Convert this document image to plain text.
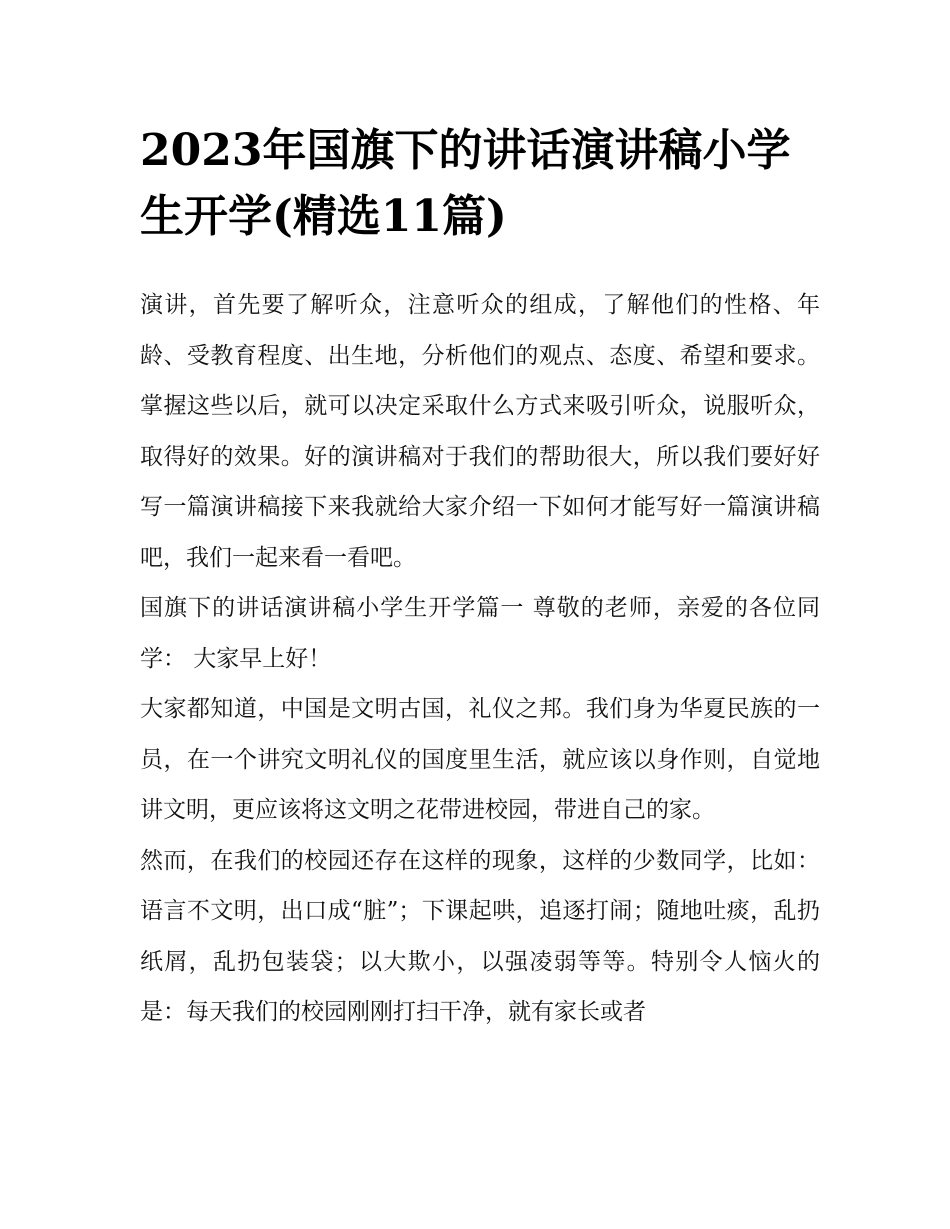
2023年国旗下的讲话演讲稿小学生开学(精选11篇)

演讲，首先要了解听众，注意听众的组成，了解他们的性格、年龄、受教育程度、出生地，分析他们的观点、态度、希望和要求。掌握这些以后，就可以决定采取什么方式来吸引听众，说服听众，取得好的效果。好的演讲稿对于我们的帮助很大，所以我们要好好写一篇演讲稿接下来我就给大家介绍一下如何才能写好一篇演讲稿吧，我们一起来看一看吧。

国旗下的讲话演讲稿小学生开学篇一 尊敬的老师，亲爱的各位同学： 大家早上好！

大家都知道，中国是文明古国，礼仪之邦。我们身为华夏民族的一员，在一个讲究文明礼仪的国度里生活，就应该以身作则，自觉地讲文明，更应该将这文明之花带进校园，带进自己的家。

然而，在我们的校园还存在这样的现象，这样的少数同学，比如：语言不文明，出口成“脏”；下课起哄，追逐打闹；随地吐痰，乱扔纸屑，乱扔包装袋；以大欺小，以强凌弱等等。特别令人恼火的是：每天我们的校园刚刚打扫干净，就有家长或者
